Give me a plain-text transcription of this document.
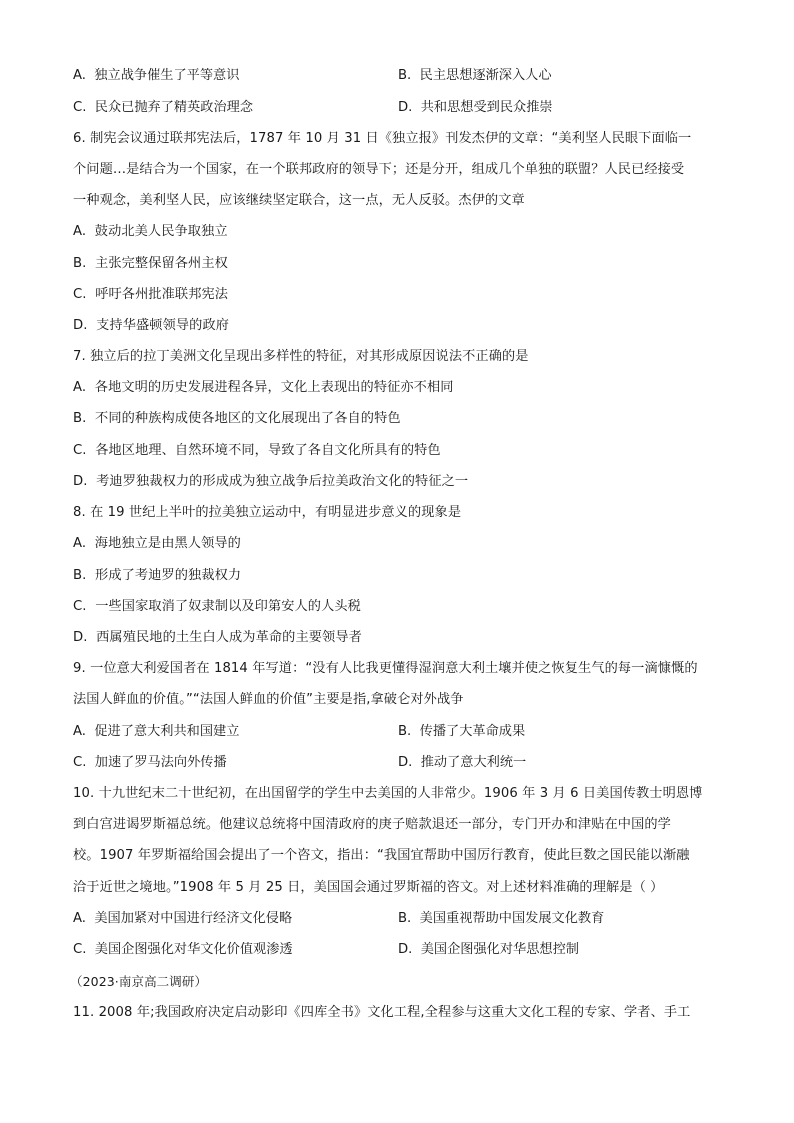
A. 独立战争催生了平等意识	B. 民主思想逐渐深入人心
C. 民众已抛弃了精英政治理念	D. 共和思想受到民众推崇
6. 制宪会议通过联邦宪法后，1787 年 10 月 31 日《独立报》刊发杰伊的文章：“美利坚人民眼下面临一
个问题…是结合为一个国家，在一个联邦政府的领导下；还是分开，组成几个单独的联盟？人民已经接受
一种观念，美利坚人民，应该继续坚定联合，这一点，无人反驳。杰伊的文章
A. 鼓动北美人民争取独立
B. 主张完整保留各州主权
C. 呼吁各州批准联邦宪法
D. 支持华盛顿领导的政府
7. 独立后的拉丁美洲文化呈现出多样性的特征，对其形成原因说法不正确的是
A. 各地文明的历史发展进程各异，文化上表现出的特征亦不相同
B. 不同的种族构成使各地区的文化展现出了各自的特色
C. 各地区地理、自然环境不同，导致了各自文化所具有的特色
D. 考迪罗独裁权力的形成成为独立战争后拉美政治文化的特征之一
8. 在 19 世纪上半叶的拉美独立运动中，有明显进步意义的现象是
A. 海地独立是由黑人领导的
B. 形成了考迪罗的独裁权力
C. 一些国家取消了奴隶制以及印第安人的人头税
D. 西属殖民地的土生白人成为革命的主要领导者
9. 一位意大利爱国者在 1814 年写道：“没有人比我更懂得湿润意大利土壤并使之恢复生气的每一滴慷慨的
法国人鲜血的价值。”“法国人鲜血的价值”主要是指,拿破仑对外战争
A. 促进了意大利共和国建立	B. 传播了大革命成果
C. 加速了罗马法向外传播	D. 推动了意大利统一
10. 十九世纪末二十世纪初，在出国留学的学生中去美国的人非常少。1906 年 3 月 6 日美国传教士明恩博
到白宫进谒罗斯福总统。他建议总统将中国清政府的庚子赔款退还一部分，专门开办和津贴在中国的学
校。1907 年罗斯福给国会提出了一个咨文，指出：“我国宜帮助中国厉行教育，使此巨数之国民能以渐融
洽于近世之境地。”1908 年 5 月 25 日，美国国会通过罗斯福的咨文。对上述材料准确的理解是（ ）
A. 美国加紧对中国进行经济文化侵略	B. 美国重视帮助中国发展文化教育
C. 美国企图强化对华文化价值观渗透	D. 美国企图强化对华思想控制
（2023·南京高二调研）
11. 2008 年;我国政府决定启动影印《四库全书》文化工程,全程参与这重大文化工程的专家、学者、手工
